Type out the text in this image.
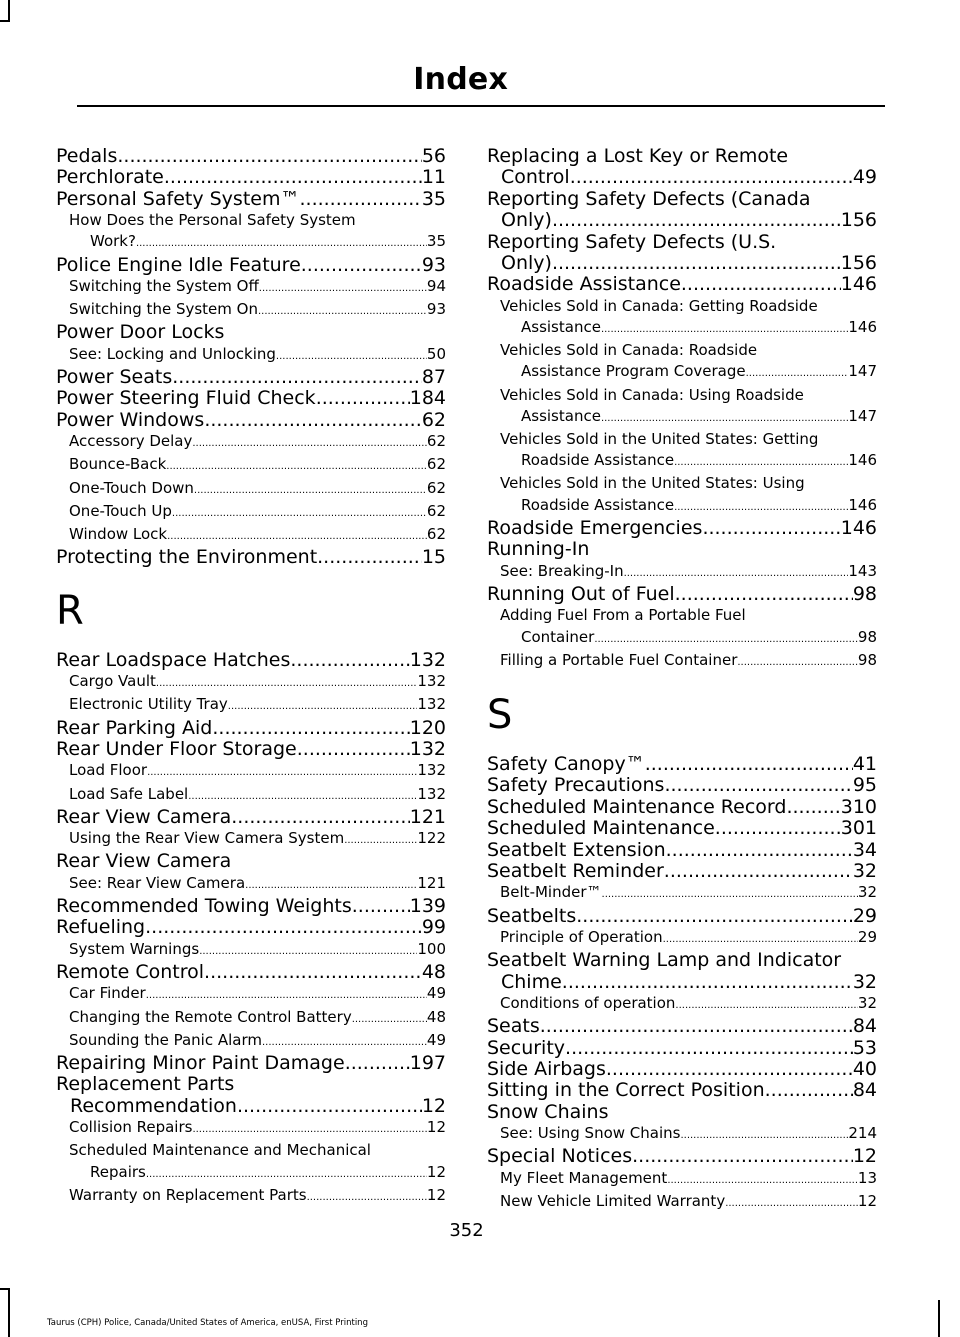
Index
Pedals .....	56
Perchlorate .....	11
Personal Safety System™ .....	35
How Does the Personal Safety System
Work? .....	35
Police Engine Idle Feature .....	93
Switching the System Off .....	94
Switching the System On .....	93
Power Door Locks
See: Locking and Unlocking .....	50
Power Seats .....	87
Power Steering Fluid Check .....	184
Power Windows .....	62
Accessory Delay .....	62
Bounce-Back .....	62
One-Touch Down .....	62
One-Touch Up .....	62
Window Lock .....	62
Protecting the Environment .....	15
R
Rear Loadspace Hatches .....	132
Cargo Vault .....	132
Electronic Utility Tray .....	132
Rear Parking Aid .....	120
Rear Under Floor Storage .....	132
Load Floor .....	132
Load Safe Label .....	132
Rear View Camera .....	121
Using the Rear View Camera System .....	122
Rear View Camera
See: Rear View Camera .....	121
Recommended Towing Weights .....	139
Refueling .....	99
System Warnings .....	100
Remote Control .....	48
Car Finder .....	49
Changing the Remote Control Battery .....	48
Sounding the Panic Alarm .....	49
Repairing Minor Paint Damage .....	197
Replacement Parts
Recommendation .....	12
Collision Repairs .....	12
Scheduled Maintenance and Mechanical
Repairs .....	12
Warranty on Replacement Parts .....	12
Replacing a Lost Key or Remote
Control .....	49
Reporting Safety Defects (Canada
Only) .....	156
Reporting Safety Defects (U.S.
Only) .....	156
Roadside Assistance .....	146
Vehicles Sold in Canada: Getting Roadside
Assistance .....	146
Vehicles Sold in Canada: Roadside
Assistance Program Coverage .....	147
Vehicles Sold in Canada: Using Roadside
Assistance .....	147
Vehicles Sold in the United States: Getting
Roadside Assistance .....	146
Vehicles Sold in the United States: Using
Roadside Assistance .....	146
Roadside Emergencies .....	146
Running-In
See: Breaking-In .....	143
Running Out of Fuel .....	98
Adding Fuel From a Portable Fuel
Container .....	98
Filling a Portable Fuel Container .....	98
S
Safety Canopy™ .....	41
Safety Precautions .....	95
Scheduled Maintenance Record .....	310
Scheduled Maintenance .....	301
Seatbelt Extension .....	34
Seatbelt Reminder .....	32
Belt-Minder™ .....	32
Seatbelts .....	29
Principle of Operation .....	29
Seatbelt Warning Lamp and Indicator
Chime .....	32
Conditions of operation .....	32
Seats .....	84
Security .....	53
Side Airbags .....	40
Sitting in the Correct Position .....	84
Snow Chains
See: Using Snow Chains .....	214
Special Notices .....	12
My Fleet Management .....	13
New Vehicle Limited Warranty .....	12
352
Taurus (CPH) Police, Canada/United States of America, enUSA, First Printing
